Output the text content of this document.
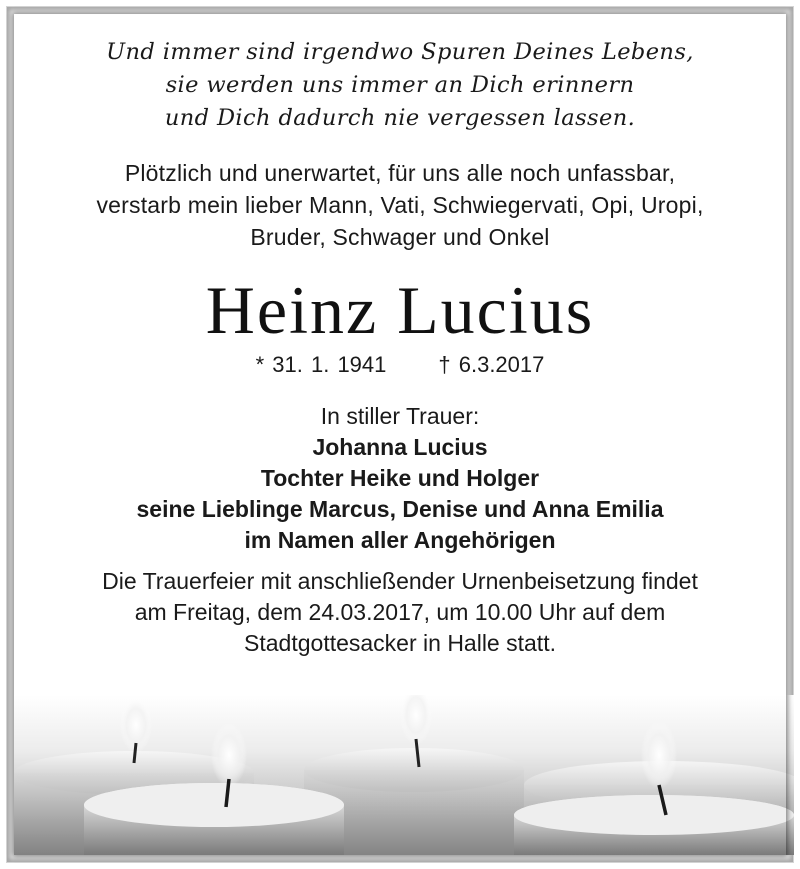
Und immer sind irgendwo Spuren Deines Lebens,
sie werden uns immer an Dich erinnern
und Dich dadurch nie vergessen lassen.
Plötzlich und unerwartet, für uns alle noch unfassbar,
verstarb mein lieber Mann, Vati, Schwiegervati, Opi, Uropi,
Bruder, Schwager und Onkel
Heinz Lucius
* 31. 1. 1941 † 6.3.2017
In stiller Trauer:
Johanna Lucius
Tochter Heike und Holger
seine Lieblinge Marcus, Denise und Anna Emilia
im Namen aller Angehörigen
Die Trauerfeier mit anschließender Urnenbeisetzung findet
am Freitag, dem 24.03.2017, um 10.00 Uhr auf dem
Stadtgottesacker in Halle statt.
